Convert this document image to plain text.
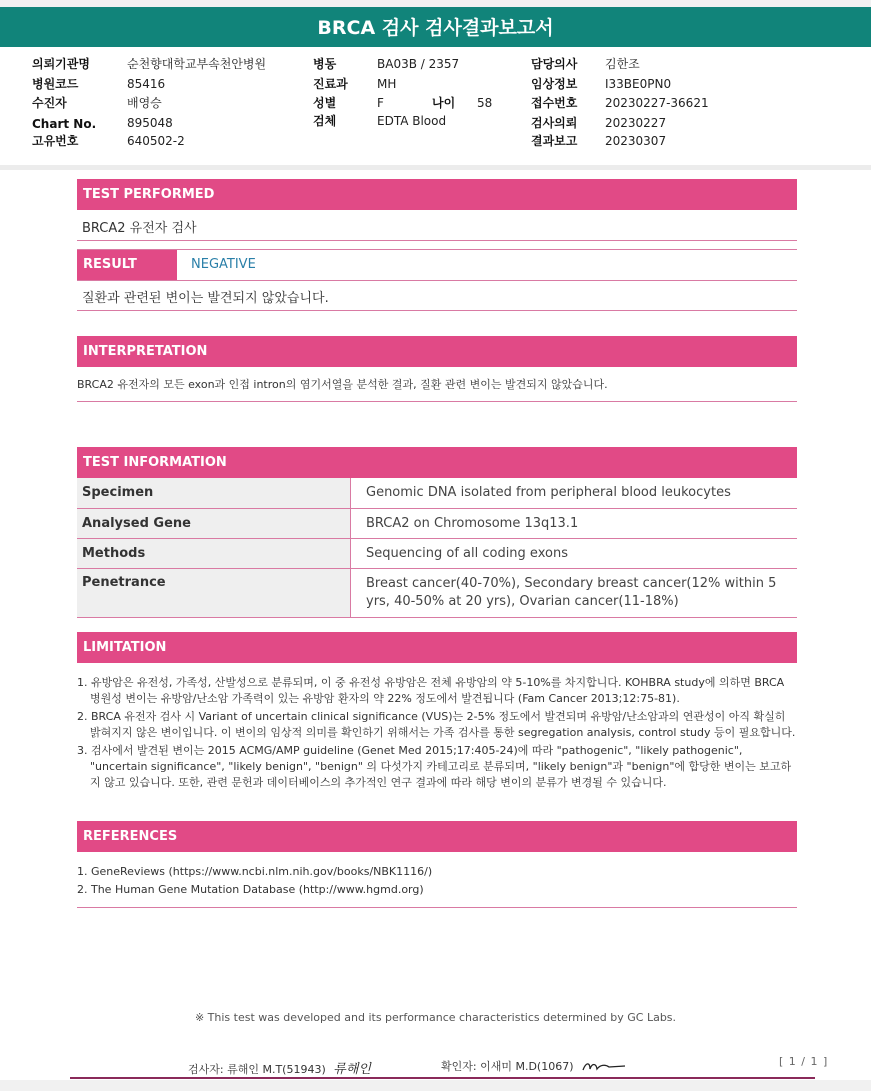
BRCA 검사 검사결과보고서
의뢰기관명	순천향대학교부속천안병원
병원코드	85416
수진자	배영승
Chart No.	895048
고유번호	640502-2
병동	BA03B / 2357
진료과 MH
성별	F	나이 58
검체	EDTA Blood
담당의사 김한조
임상정보 I33BE0PN0
접수번호 20230227-36621
검사의뢰 20230227
결과보고 20230307
TEST PERFORMED
BRCA2 유전자 검사
RESULT	NEGATIVE
질환과 관련된 변이는 발견되지 않았습니다.
INTERPRETATION
BRCA2 유전자의 모든 exon과 인접 intron의 염기서열을 분석한 결과, 질환 관련 변이는 발견되지 않았습니다.
TEST INFORMATION
Specimen	Genomic DNA isolated from peripheral blood leukocytes
Analysed Gene	BRCA2 on Chromosome 13q13.1
Methods	Sequencing of all coding exons
Penetrance	Breast cancer(40-70%), Secondary breast cancer(12% within 5 yrs, 40-50% at 20 yrs), Ovarian cancer(11-18%)
LIMITATION
1. 유방암은 유전성, 가족성, 산발성으로 분류되며, 이 중 유전성 유방암은 전체 유방암의 약 5-10%를 차지합니다. KOHBRA study에 의하면 BRCA 병원성 변이는 유방암/난소암 가족력이 있는 유방암 환자의 약 22% 정도에서 발견됩니다 (Fam Cancer 2013;12:75-81).
2. BRCA 유전자 검사 시 Variant of uncertain clinical significance (VUS)는 2-5% 정도에서 발견되며 유방암/난소암과의 연관성이 아직 확실히 밝혀지지 않은 변이입니다. 이 변이의 임상적 의미를 확인하기 위해서는 가족 검사를 통한 segregation analysis, control study 등이 필요합니다.
3. 검사에서 발견된 변이는 2015 ACMG/AMP guideline (Genet Med 2015;17:405-24)에 따라 "pathogenic", "likely pathogenic", "uncertain significance", "likely benign", "benign" 의 다섯가지 카테고리로 분류되며, "likely benign"과 "benign"에 합당한 변이는 보고하지 않고 있습니다. 또한, 관련 문헌과 데이터베이스의 추가적인 연구 결과에 따라 해당 변이의 분류가 변경될 수 있습니다.
REFERENCES
1. GeneReviews (https://www.ncbi.nlm.nih.gov/books/NBK1116/)
2. The Human Gene Mutation Database (http://www.hgmd.org)
※ This test was developed and its performance characteristics determined by GC Labs.
검사자: 류해인 M.T(51943) 류해인	확인자: 이새미 M.D(1067)	[ 1 / 1 ]
